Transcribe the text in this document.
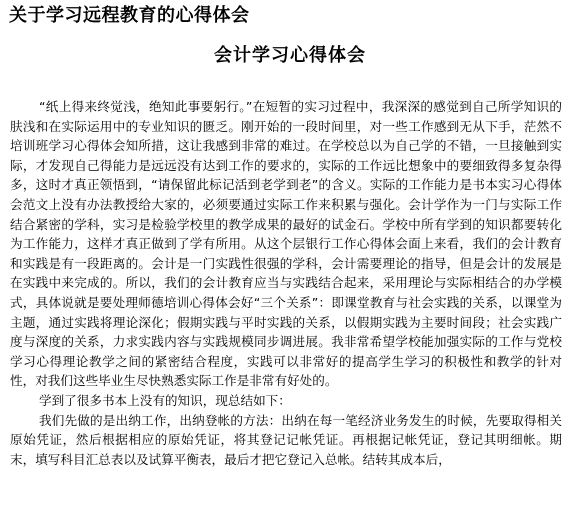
关于学习远程教育的心得体会
会计学习心得体会

“纸上得来终觉浅，绝知此事要躬行。”在短暂的实习过程中，我深深的感觉到自己所学知识的肤浅和在实际运用中的专业知识的匮乏。刚开始的一段时间里，对一些工作感到无从下手，茫然不培训班学习心得体会知所措，这让我感到非常的难过。在学校总以为自己学的不错，一旦接触到实际，才发现自己得能力是远远没有达到工作的要求的，实际的工作远比想象中的要细致得多复杂得多，这时才真正领悟到，“请保留此标记活到老学到老”的含义。实际的工作能力是书本实习心得体会范文上没有办法教授给大家的，必须要通过实际工作来积累与强化。会计学作为一门与实际工作结合紧密的学科，实习是检验学校里的教学成果的最好的试金石。学校中所有学到的知识都要转化为工作能力，这样才真正做到了学有所用。从这个层银行工作心得体会面上来看，我们的会计教育和实践是有一段距离的。会计是一门实践性很强的学科，会计需要理论的指导，但是会计的发展是在实践中来完成的。所以，我们的会计教育应当与实践结合起来，采用理论与实际相结合的办学模式，具体说就是要处理师德培训心得体会好“三个关系”：即课堂教育与社会实践的关系，以课堂为主题，通过实践将理论深化；假期实践与平时实践的关系，以假期实践为主要时间段；社会实践广度与深度的关系，力求实践内容与实践规模同步调进展。我非常希望学校能加强实际的工作与党校学习心得理论教学之间的紧密结合程度，实践可以非常好的提高学生学习的积极性和教学的针对性，对我们这些毕业生尽快熟悉实际工作是非常有好处的。

学到了很多书本上没有的知识，现总结如下：

我们先做的是出纳工作，出纳登帐的方法：出纳在每一笔经济业务发生的时候，先要取得相关原始凭证，然后根据相应的原始凭证，将其登记记帐凭证。再根据记帐凭证，登记其明细帐。期末，填写科目汇总表以及试算平衡表，最后才把它登记入总帐。结转其成本后，
